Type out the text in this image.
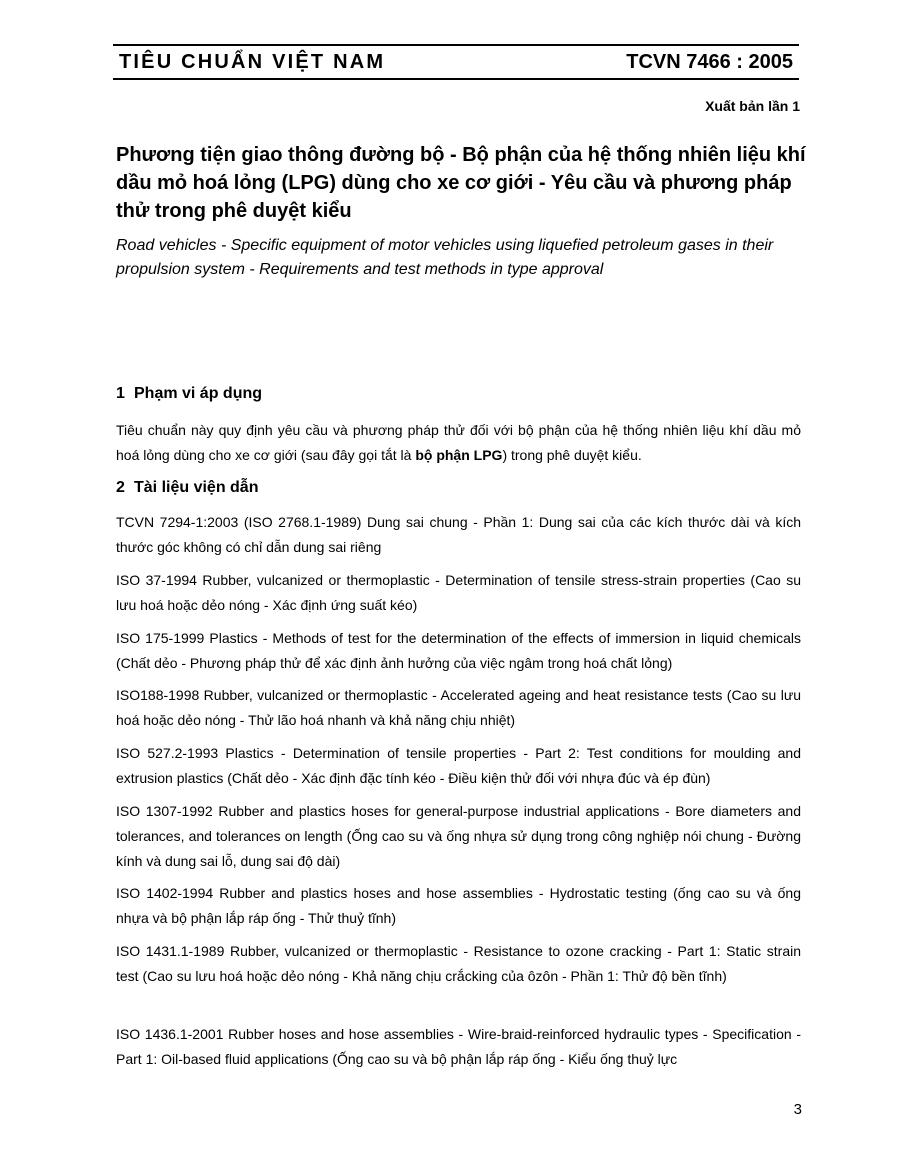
TIÊU CHUẨN VIỆT NAM	TCVN 7466 : 2005
Xuất bản lần 1
Phương tiện giao thông đường bộ - Bộ phận của hệ thống nhiên liệu khí dầu mỏ hoá lỏng (LPG) dùng cho xe cơ giới - Yêu cầu và phương pháp thử trong phê duyệt kiểu

Road vehicles - Specific equipment of motor vehicles using liquefied petroleum gases in their propulsion system - Requirements and test methods in type approval

1 Phạm vi áp dụng

Tiêu chuẩn này quy định yêu cầu và phương pháp thử đối với bộ phận của hệ thống nhiên liệu khí dầu mỏ hoá lỏng dùng cho xe cơ giới (sau đây gọi tắt là bộ phận LPG) trong phê duyệt kiểu.

2 Tài liệu viện dẫn

TCVN 7294-1:2003 (ISO 2768.1-1989) Dung sai chung - Phần 1: Dung sai của các kích thước dài và kích thước góc không có chỉ dẫn dung sai riêng

ISO 37-1994 Rubber, vulcanized or thermoplastic - Determination of tensile stress-strain properties (Cao su lưu hoá hoặc dẻo nóng - Xác định ứng suất kéo)

ISO 175-1999 Plastics - Methods of test for the determination of the effects of immersion in liquid chemicals (Chất dẻo - Phương pháp thử để xác định ảnh hưởng của việc ngâm trong hoá chất lỏng)

ISO188-1998 Rubber, vulcanized or thermoplastic - Accelerated ageing and heat resistance tests (Cao su lưu hoá hoặc dẻo nóng - Thử lão hoá nhanh và khả năng chịu nhiệt)

ISO 527.2-1993 Plastics - Determination of tensile properties - Part 2: Test conditions for moulding and extrusion plastics (Chất dẻo - Xác định đặc tính kéo - Điều kiện thử đối với nhựa đúc và ép đùn)

ISO 1307-1992 Rubber and plastics hoses for general-purpose industrial applications - Bore diameters and tolerances, and tolerances on length (Ống cao su và ống nhựa sử dụng trong công nghiệp nói chung - Đường kính và dung sai lỗ, dung sai độ dài)

ISO 1402-1994 Rubber and plastics hoses and hose assemblies - Hydrostatic testing (ống cao su và ống nhựa và bộ phận lắp ráp ống - Thử thuỷ tĩnh)

ISO 1431.1-1989 Rubber, vulcanized or thermoplastic - Resistance to ozone cracking - Part 1: Static strain test (Cao su lưu hoá hoặc dẻo nóng - Khả năng chịu crắcking của ôzôn - Phần 1: Thử độ bền tĩnh)

ISO 1436.1-2001 Rubber hoses and hose assemblies - Wire-braid-reinforced hydraulic types - Specification - Part 1: Oil-based fluid applications (Ống cao su và bộ phận lắp ráp ống - Kiểu ống thuỷ lực

3
